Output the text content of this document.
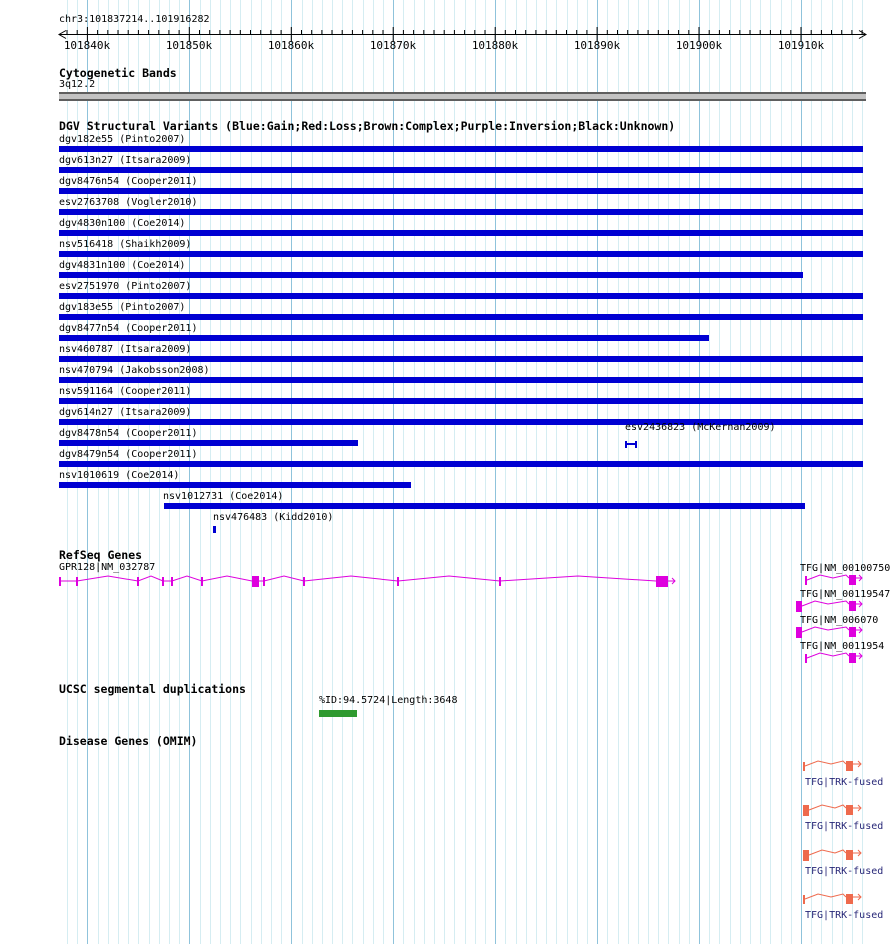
chr3:101837214..101916282
101840k	101850k	101860k	101870k	101880k	101890k	101900k	101910k
Cytogenetic Bands
3q12.2
DGV Structural Variants (Blue:Gain;Red:Loss;Brown:Complex;Purple:Inversion;Black:Unknown)
dgv182e55 (Pinto2007)
dgv613n27 (Itsara2009)
dgv8476n54 (Cooper2011)
esv2763708 (Vogler2010)
dgv4830n100 (Coe2014)
nsv516418 (Shaikh2009)
dgv4831n100 (Coe2014)
esv2751970 (Pinto2007)
dgv183e55 (Pinto2007)
dgv8477n54 (Cooper2011)
nsv460787 (Itsara2009)
nsv470794 (Jakobsson2008)
nsv591164 (Cooper2011)
dgv614n27 (Itsara2009)
dgv8478n54 (Cooper2011)
esv2436823 (McKernan2009)
dgv8479n54 (Cooper2011)
nsv1010619 (Coe2014)
nsv1012731 (Coe2014)
nsv476483 (Kidd2010)
RefSeq Genes
GPR128|NM_032787	TFG|NM_00100750
TFG|NM_00119547
TFG|NM_006070
TFG|NM_0011954
UCSC segmental duplications
%ID:94.5724|Length:3648
Disease Genes (OMIM)
TFG|TRK-fused
TFG|TRK-fused
TFG|TRK-fused
TFG|TRK-fused
